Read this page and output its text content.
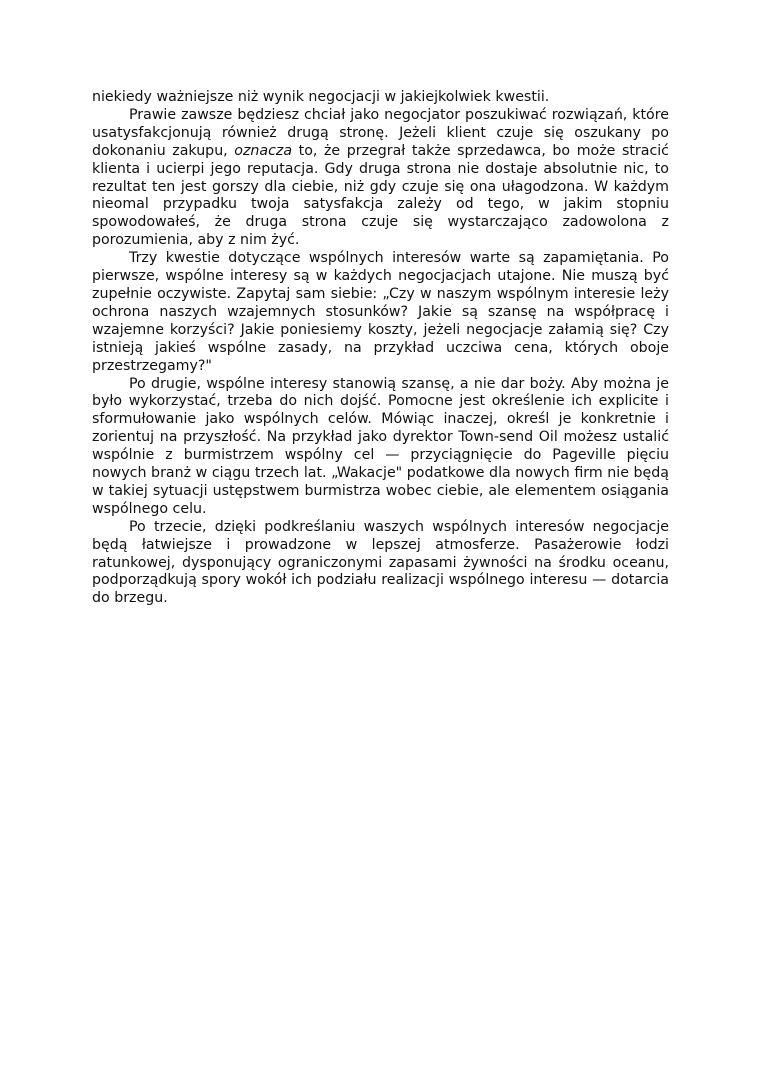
niekiedy ważniejsze niż wynik negocjacji w jakiejkolwiek kwestii.

Prawie zawsze będziesz chciał jako negocjator poszukiwać rozwiązań, które usatysfakcjonują również drugą stronę. Jeżeli klient czuje się oszukany po dokonaniu zakupu, oznacza to, że przegrał także sprzedawca, bo może stracić klienta i ucierpi jego reputacja. Gdy druga strona nie dostaje absolutnie nic, to rezultat ten jest gorszy dla ciebie, niż gdy czuje się ona ułagodzona. W każdym nieomal przypadku twoja satysfakcja zależy od tego, w jakim stopniu spowodowałeś, że druga strona czuje się wystarczająco zadowolona z porozumienia, aby z nim żyć.

Trzy kwestie dotyczące wspólnych interesów warte są zapamiętania. Po pierwsze, wspólne interesy są w każdych negocjacjach utajone. Nie muszą być zupełnie oczywiste. Zapytaj sam siebie: „Czy w naszym wspólnym interesie leży ochrona naszych wzajemnych stosunków? Jakie są szansę na współpracę i wzajemne korzyści? Jakie poniesiemy koszty, jeżeli negocjacje załamią się? Czy istnieją jakieś wspólne zasady, na przykład uczciwa cena, których oboje przestrzegamy?"

Po drugie, wspólne interesy stanowią szansę, a nie dar boży. Aby można je było wykorzystać, trzeba do nich dojść. Pomocne jest określenie ich explicite i sformułowanie jako wspólnych celów. Mówiąc inaczej, określ je konkretnie i zorientuj na przyszłość. Na przykład jako dyrektor Town-send Oil możesz ustalić wspólnie z burmistrzem wspólny cel — przyciągnięcie do Pageville pięciu nowych branż w ciągu trzech lat. „Wakacje" podatkowe dla nowych firm nie będą w takiej sytuacji ustępstwem burmistrza wobec ciebie, ale elementem osiągania wspólnego celu.

Po trzecie, dzięki podkreślaniu waszych wspólnych interesów negocjacje będą łatwiejsze i prowadzone w lepszej atmosferze. Pasażerowie łodzi ratunkowej, dysponujący ograniczonymi zapasami żywności na środku oceanu, podporządkują spory wokół ich podziału realizacji wspólnego interesu — dotarcia do brzegu.
